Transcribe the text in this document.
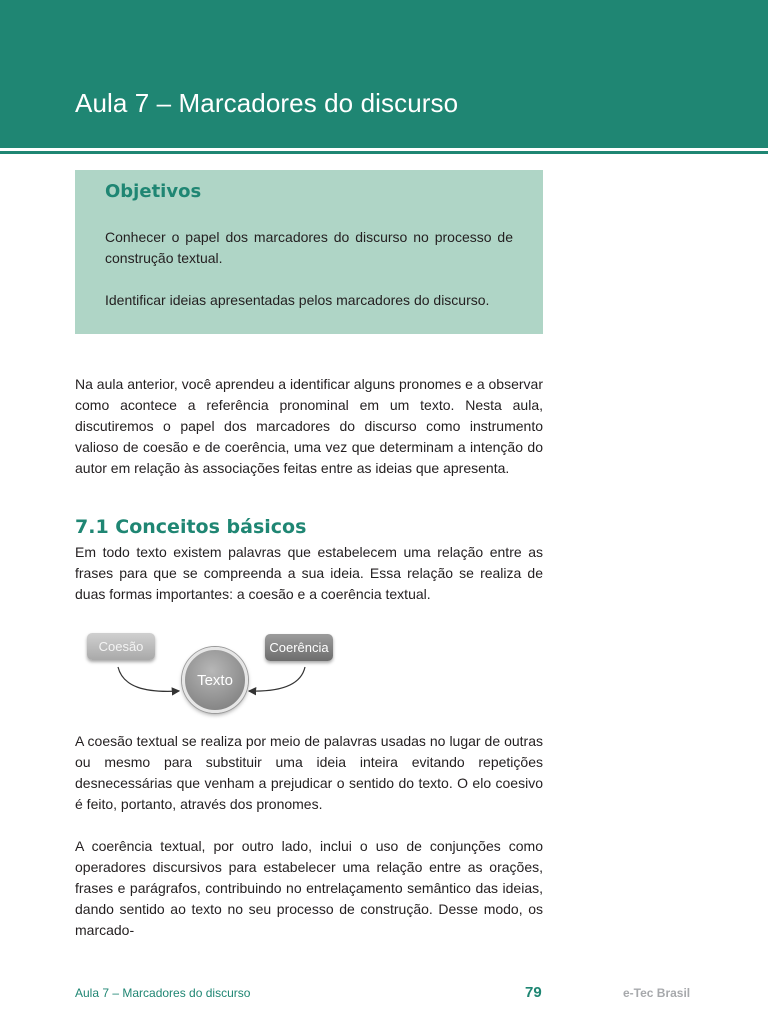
Aula 7 – Marcadores do discurso
Objetivos
Conhecer o papel dos marcadores do discurso no processo de construção textual.
Identificar ideias apresentadas pelos marcadores do discurso.
Na aula anterior, você aprendeu a identificar alguns pronomes e a observar como acontece a referência pronominal em um texto. Nesta aula, discutiremos o papel dos marcadores do discurso como instrumento valioso de coesão e de coerência, uma vez que determinam a intenção do autor em relação às associações feitas entre as ideias que apresenta.
7.1 Conceitos básicos
Em todo texto existem palavras que estabelecem uma relação entre as frases para que se compreenda a sua ideia. Essa relação se realiza de duas formas importantes: a coesão e a coerência textual.
Coesão	Coerência
Texto
A coesão textual se realiza por meio de palavras usadas no lugar de outras ou mesmo para substituir uma ideia inteira evitando repetições desnecessárias que venham a prejudicar o sentido do texto. O elo coesivo é feito, portanto, através dos pronomes.
A coerência textual, por outro lado, inclui o uso de conjunções como operadores discursivos para estabelecer uma relação entre as orações, frases e parágrafos, contribuindo no entrelaçamento semântico das ideias, dando sentido ao texto no seu processo de construção. Desse modo, os marcado-
Aula 7 – Marcadores do discurso	79	e-Tec Brasil
